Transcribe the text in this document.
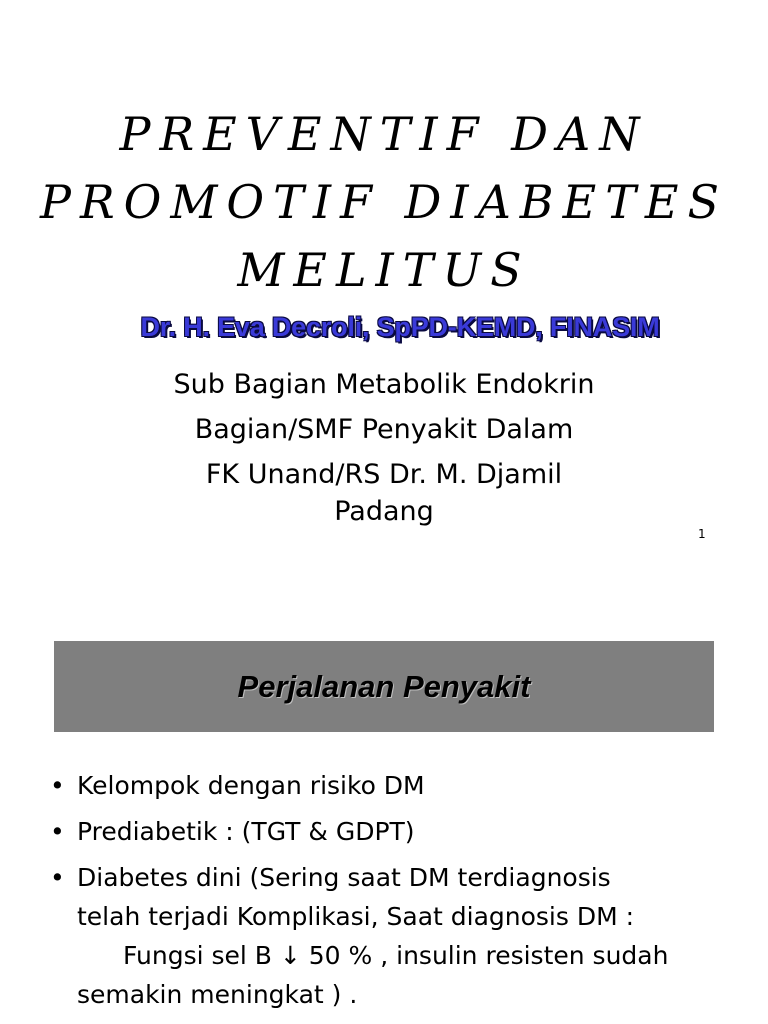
PREVENTIF DAN
PROMOTIF DIABETES
MELITUS
Dr. H. Eva Decroli, SpPD-KEMD, FINASIM
Sub Bagian Metabolik Endokrin
Bagian/SMF Penyakit Dalam
FK Unand/RS Dr. M. Djamil
Padang
1
Perjalanan Penyakit
• Kelompok dengan risiko DM
• Prediabetik : (TGT & GDPT)
• Diabetes dini (Sering saat DM terdiagnosis
telah terjadi Komplikasi, Saat diagnosis DM :
Fungsi sel B ↓ 50 % , insulin resisten sudah
semakin meningkat ) .
